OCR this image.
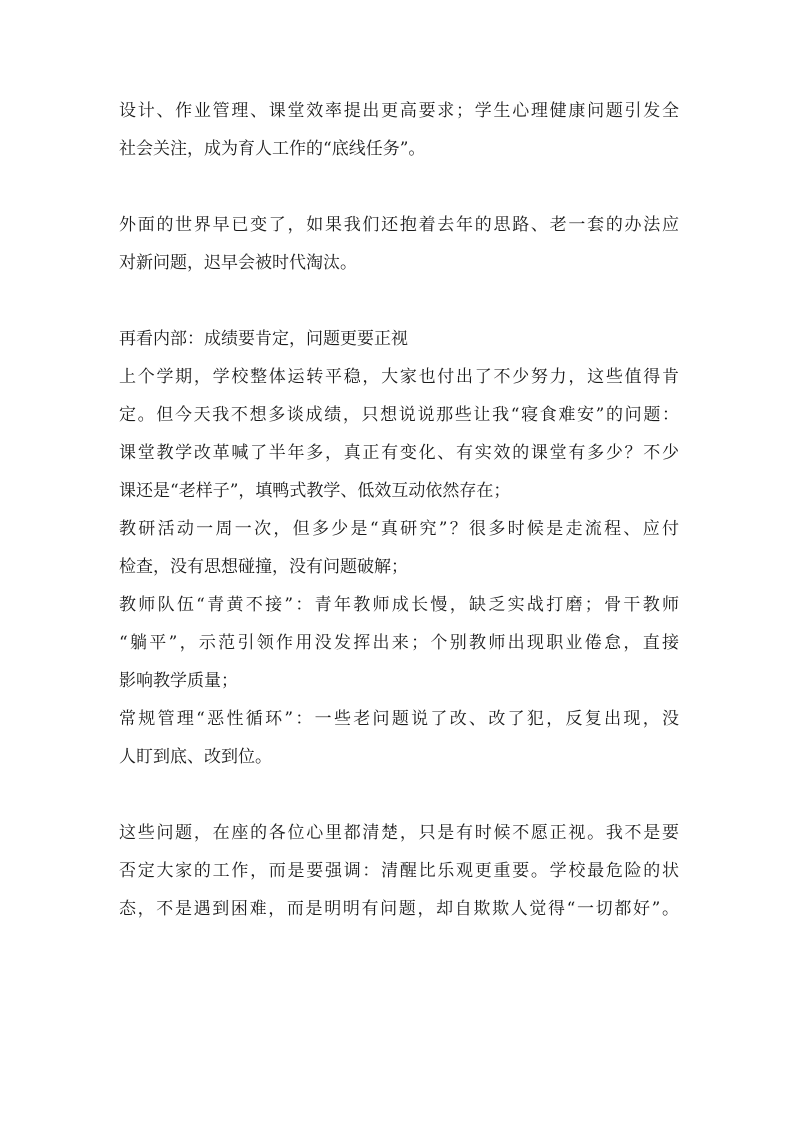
设计、作业管理、课堂效率提出更高要求；学生心理健康问题引发全
社会关注，成为育人工作的“底线任务”。
外面的世界早已变了，如果我们还抱着去年的思路、老一套的办法应
对新问题，迟早会被时代淘汰。
再看内部：成绩要肯定，问题更要正视
上个学期，学校整体运转平稳，大家也付出了不少努力，这些值得肯
定。但今天我不想多谈成绩，只想说说那些让我“寝食难安”的问题：
课堂教学改革喊了半年多，真正有变化、有实效的课堂有多少？不少
课还是“老样子”，填鸭式教学、低效互动依然存在；
教研活动一周一次，但多少是“真研究”？很多时候是走流程、应付
检查，没有思想碰撞，没有问题破解；
教师队伍“青黄不接”：青年教师成长慢，缺乏实战打磨；骨干教师
“躺平”，示范引领作用没发挥出来；个别教师出现职业倦怠，直接
影响教学质量；
常规管理“恶性循环”：一些老问题说了改、改了犯，反复出现，没
人盯到底、改到位。
这些问题，在座的各位心里都清楚，只是有时候不愿正视。我不是要
否定大家的工作，而是要强调：清醒比乐观更重要。学校最危险的状
态，不是遇到困难，而是明明有问题，却自欺欺人觉得“一切都好”。
